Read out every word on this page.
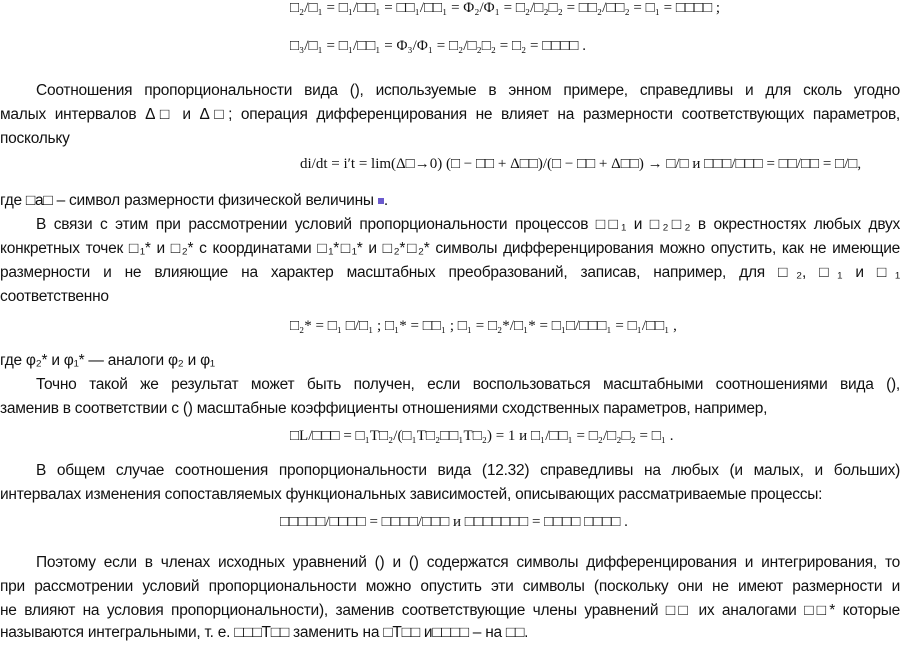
□₂/□₁ = □₁/□□₁ = □□₁/□□₁ = Φ₂/Φ₁ = □₂/□₂□₂ = □□₂/□□₂ = □₁ = □□□□ ;
□₃/□₁ = □₁/□□₁ = Φ₃/Φ₁ = □₂/□₂□₂ = □₂ = □□□□ .

Соотношения пропорциональности вида (), используемые в энном примере, справедливы и для сколь угодно

малых интервалов Δ□ и Δ□; операция дифференцирования не влияет на размерности соответствующих параметров,

поскольку

di/dt = i′t = lim(Δ□→0) (□ − □□ + Δ□□)/(□ − □□ + Δ□□) → □/□ и □□□/□□□ = □□/□□ = □/□,

где □а□ – символ размерности физической величины .

В связи с этим при рассмотрении условий пропорциональности процессов □□₁ и □₂□₂ в окрестностях любых двух

конкретных точек □₁* и □₂* с координатами □₁*□₁* и □₂*□₂* символы дифференцирования можно опустить, как не имеющие

размерности и не влияющие на характер масштабных преобразований, записав, например, для □₂, □₁ и □₁

соответственно

□₂* = □₁ □/□₁ ; □₁* = □□₁ ; □₁ = □₂*/□₁* = □₁□/□□□₁ = □₁/□□₁ ,

где φ₂* и φ₁* — аналоги φ₂ и φ₁

Точно такой же результат может быть получен, если воспользоваться масштабными соотношениями вида (),

заменив в соответствии с () масштабные коэффициенты отношениями сходственных параметров, например,

□L/□□□ = □₁T□₂/(□₁T□₂□□₁T□₂) = 1 и □₁/□□₁ = □₂/□₂□₂ = □₁ .

В общем случае соотношения пропорциональности вида (12.32) справедливы на любых (и малых, и больших)

интервалах изменения сопоставляемых функциональных зависимостей, описывающих рассматриваемые процессы:

□□□□□/□□□□ = □□□□/□□□ и □□□□□□□ = □□□□ □□□□ .

Поэтому если в членах исходных уравнений () и () содержатся символы дифференцирования и интегрирования, то

при рассмотрении условий пропорциональности можно опустить эти символы (поскольку они не имеют размерности и

не влияют на условия пропорциональности), заменив соответствующие члены уравнений □□ их аналогами □□* которые

называются интегральными, т. е. □□□T□□ заменить на □T□□ и□□□□ – на □□.
